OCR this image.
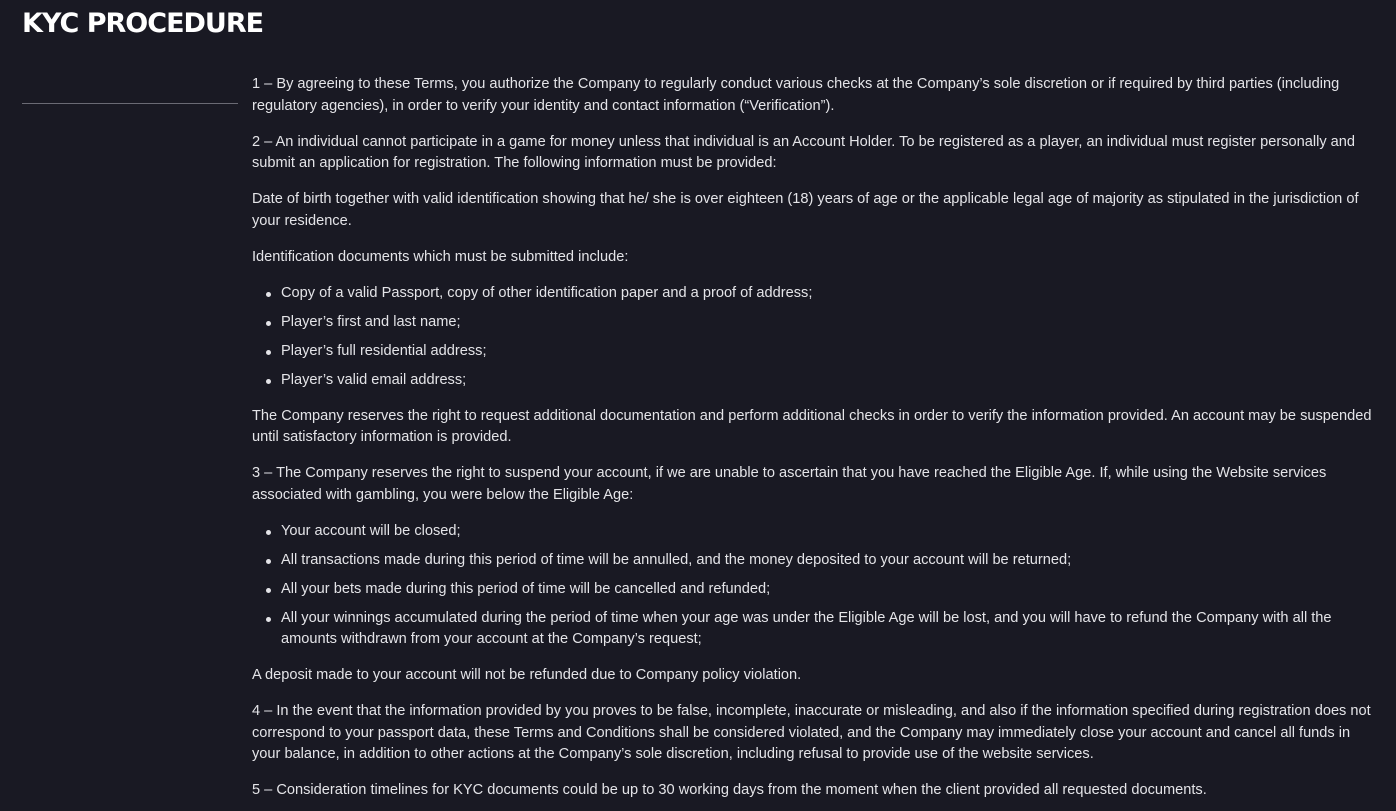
KYC PROCEDURE

1 – By agreeing to these Terms, you authorize the Company to regularly conduct various checks at the Company’s sole discretion or if required by third parties (including regulatory agencies), in order to verify your identity and contact information (“Verification”).

2 – An individual cannot participate in a game for money unless that individual is an Account Holder. To be registered as a player, an individual must register personally and submit an application for registration. The following information must be provided:

Date of birth together with valid identification showing that he/ she is over eighteen (18) years of age or the applicable legal age of majority as stipulated in the jurisdiction of your residence.

Identification documents which must be submitted include:

Copy of a valid Passport, copy of other identification paper and a proof of address;
Player’s first and last name;
Player’s full residential address;
Player’s valid email address;

The Company reserves the right to request additional documentation and perform additional checks in order to verify the information provided. An account may be suspended until satisfactory information is provided.

3 – The Company reserves the right to suspend your account, if we are unable to ascertain that you have reached the Eligible Age. If, while using the Website services associated with gambling, you were below the Eligible Age:

Your account will be closed;
All transactions made during this period of time will be annulled, and the money deposited to your account will be returned;
All your bets made during this period of time will be cancelled and refunded;
All your winnings accumulated during the period of time when your age was under the Eligible Age will be lost, and you will have to refund the Company with all the amounts withdrawn from your account at the Company’s request;

A deposit made to your account will not be refunded due to Company policy violation.

4 – In the event that the information provided by you proves to be false, incomplete, inaccurate or misleading, and also if the information specified during registration does not correspond to your passport data, these Terms and Conditions shall be considered violated, and the Company may immediately close your account and cancel all funds in your balance, in addition to other actions at the Company’s sole discretion, including refusal to provide use of the website services.

5 – Consideration timelines for KYC documents could be up to 30 working days from the moment when the client provided all requested documents.
